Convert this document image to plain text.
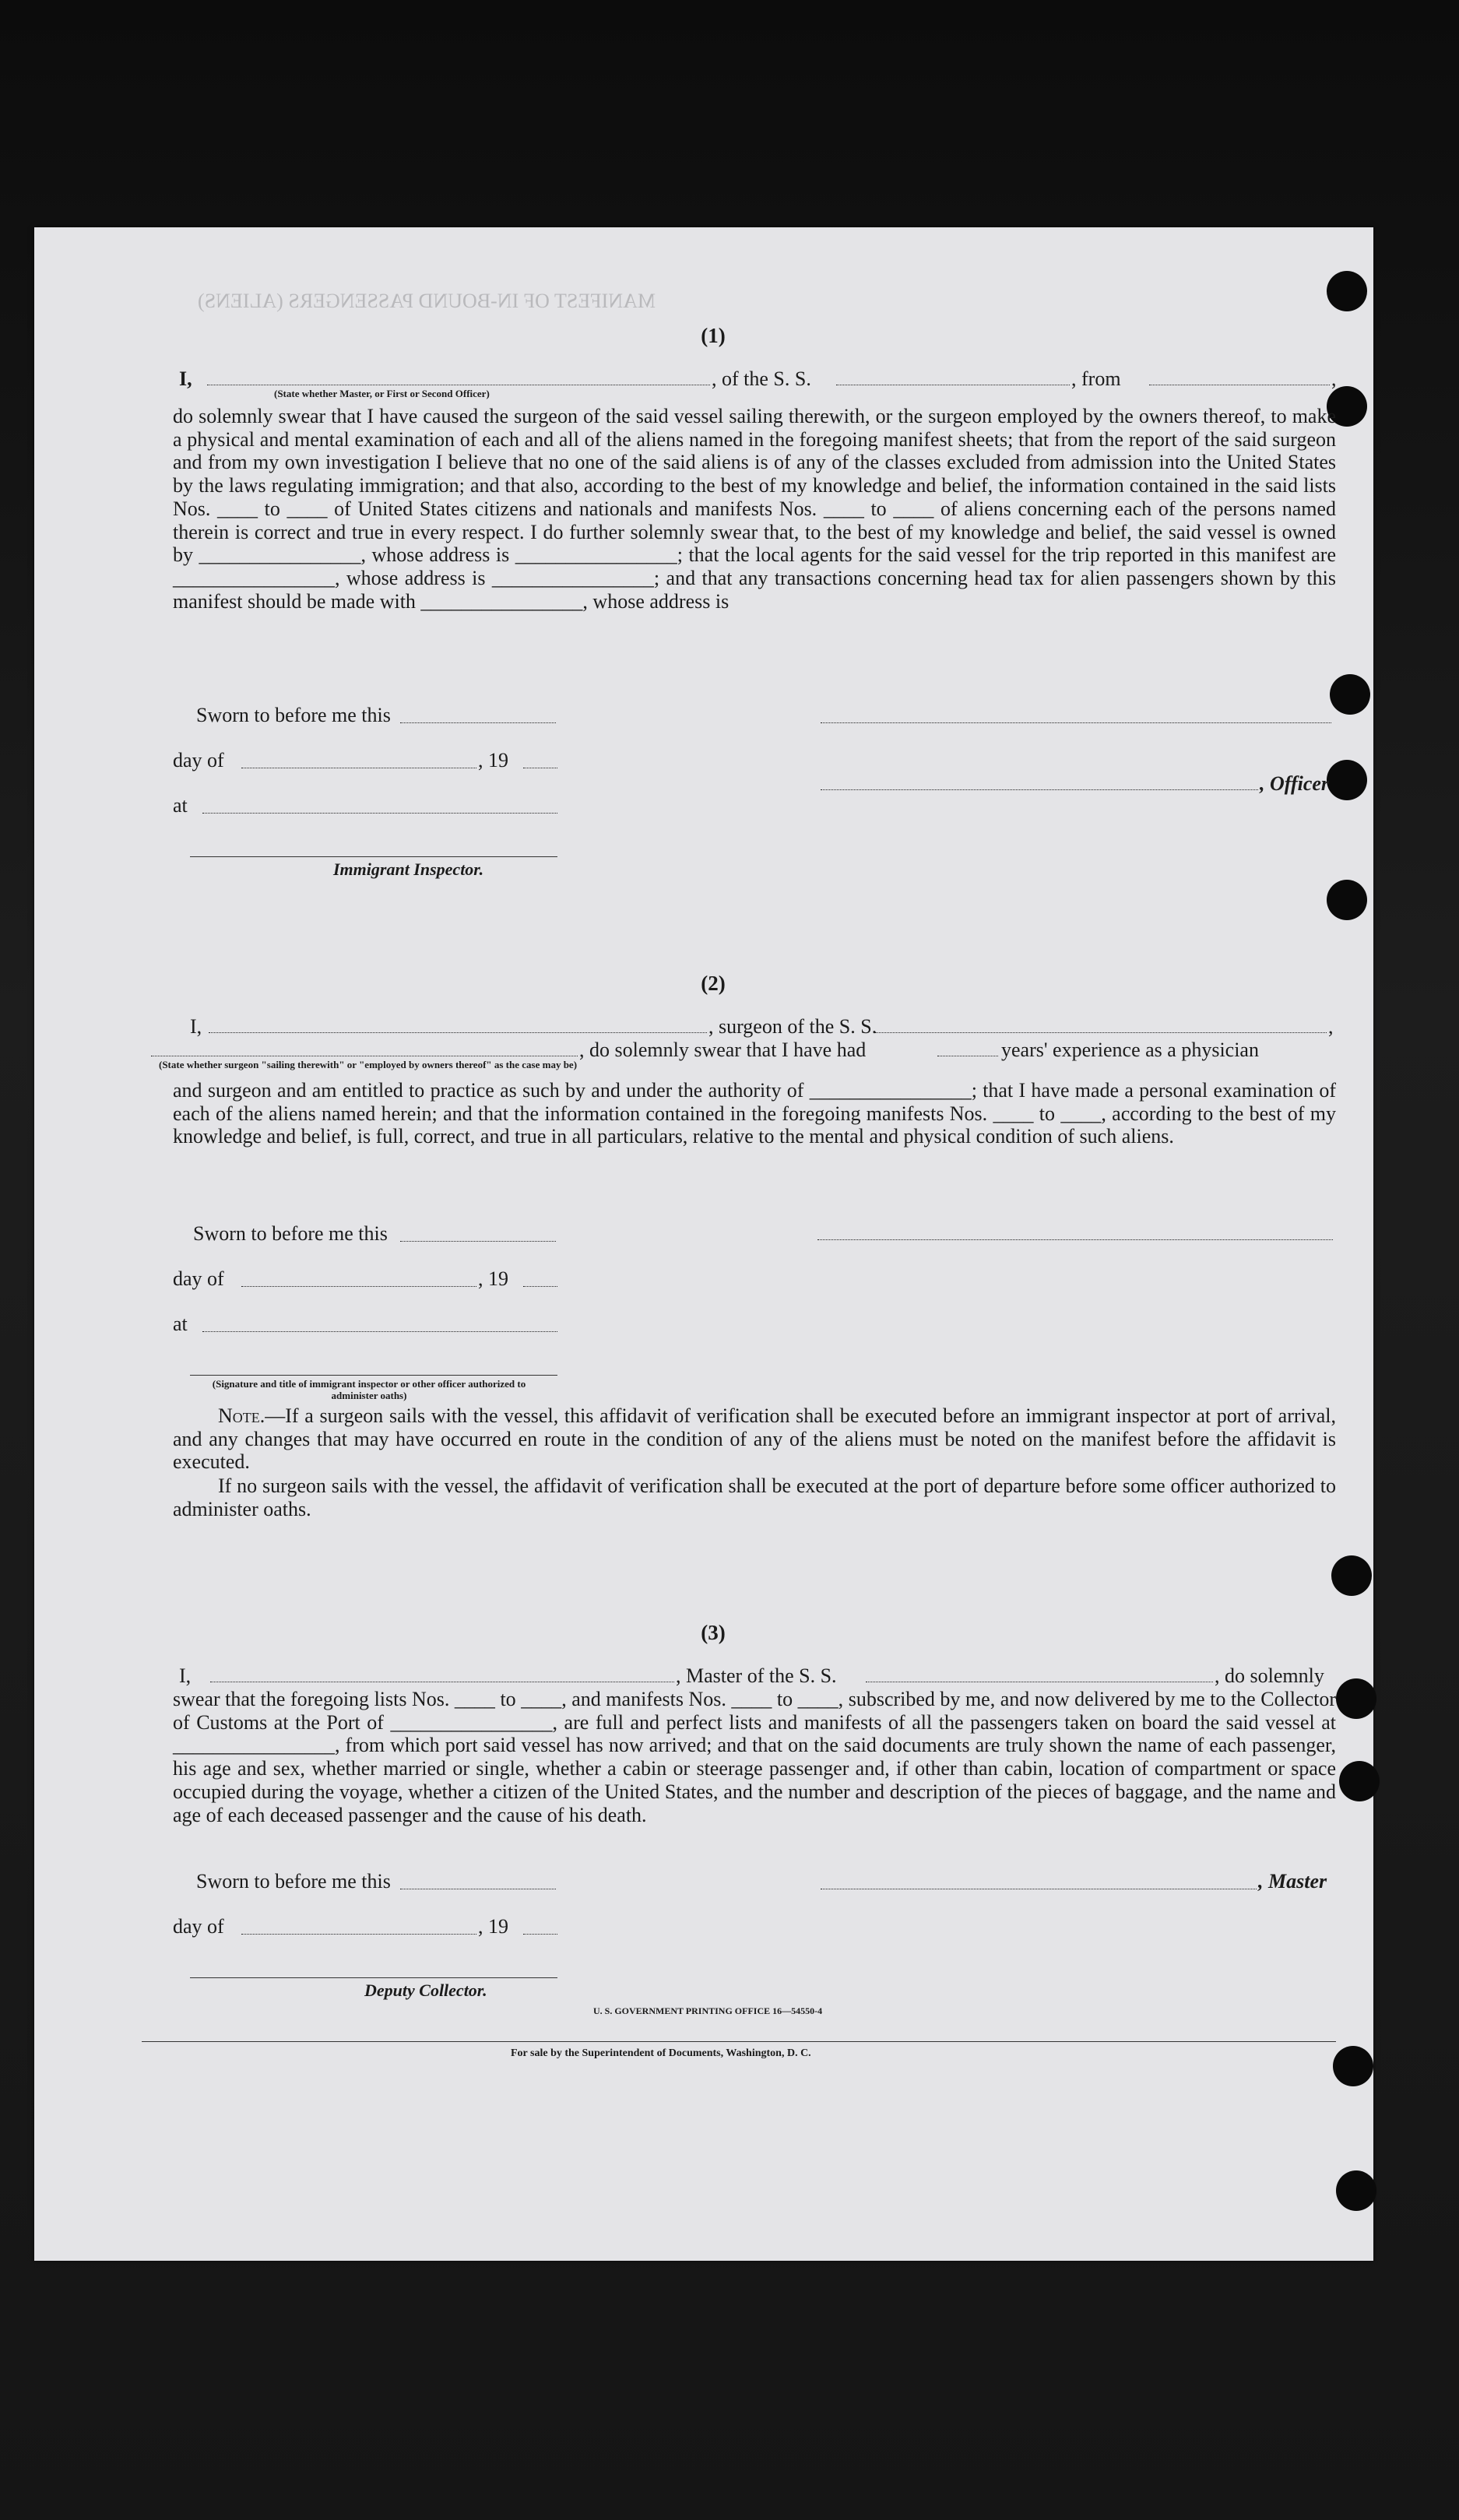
MANIFEST OF IN-BOUND PASSENGERS (ALIENS)
(1)
I,	, of the S. S.	, from	,
(State whether Master, or First or Second Officer)
do solemnly swear that I have caused the surgeon of the said vessel sailing therewith, or the surgeon employed by the owners thereof, to make a physical and mental examination of each and all of the aliens named in the foregoing manifest sheets; that from the report of the said surgeon and from my own investigation I believe that no one of the said aliens is of any of the classes excluded from admission into the United States by the laws regulating immigration; and that also, according to the best of my knowledge and belief, the information contained in the said lists Nos. ____ to ____ of United States citizens and nationals and manifests Nos. ____ to ____ of aliens concerning each of the persons named therein is correct and true in every respect. I do further solemnly swear that, to the best of my knowledge and belief, the said vessel is owned by ________________, whose address is ________________; that the local agents for the said vessel for the trip reported in this manifest are ________________, whose address is ________________; and that any transactions concerning head tax for alien passengers shown by this manifest should be made with ________________, whose address is
Sworn to before me this
day of	, 19
, Officer
at
Immigrant Inspector.
(2)
I,	, surgeon of the S. S.	,
, do solemnly swear that I have had	years' experience as a physician
(State whether surgeon "sailing therewith" or "employed by owners thereof" as the case may be)
and surgeon and am entitled to practice as such by and under the authority of ________________; that I have made a personal examination of each of the aliens named herein; and that the information contained in the foregoing manifests Nos. ____ to ____, according to the best of my knowledge and belief, is full, correct, and true in all particulars, relative to the mental and physical condition of such aliens.
Sworn to before me this
day of	, 19
at
(Signature and title of immigrant inspector or other officer authorized to administer oaths)
Note.—If a surgeon sails with the vessel, this affidavit of verification shall be executed before an immigrant inspector at port of arrival, and any changes that may have occurred en route in the condition of any of the aliens must be noted on the manifest before the affidavit is executed.
If no surgeon sails with the vessel, the affidavit of verification shall be executed at the port of departure before some officer authorized to administer oaths.
(3)
I,	, Master of the S. S.	, do solemnly
swear that the foregoing lists Nos. ____ to ____, and manifests Nos. ____ to ____, subscribed by me, and now delivered by me to the Collector of Customs at the Port of ________________, are full and perfect lists and manifests of all the passengers taken on board the said vessel at ________________, from which port said vessel has now arrived; and that on the said documents are truly shown the name of each passenger, his age and sex, whether married or single, whether a cabin or steerage passenger and, if other than cabin, location of compartment or space occupied during the voyage, whether a citizen of the United States, and the number and description of the pieces of baggage, and the name and age of each deceased passenger and the cause of his death.
Sworn to before me this	, Master
day of	, 19
Deputy Collector.
U. S. GOVERNMENT PRINTING OFFICE 16—54550-4
For sale by the Superintendent of Documents, Washington, D. C.
